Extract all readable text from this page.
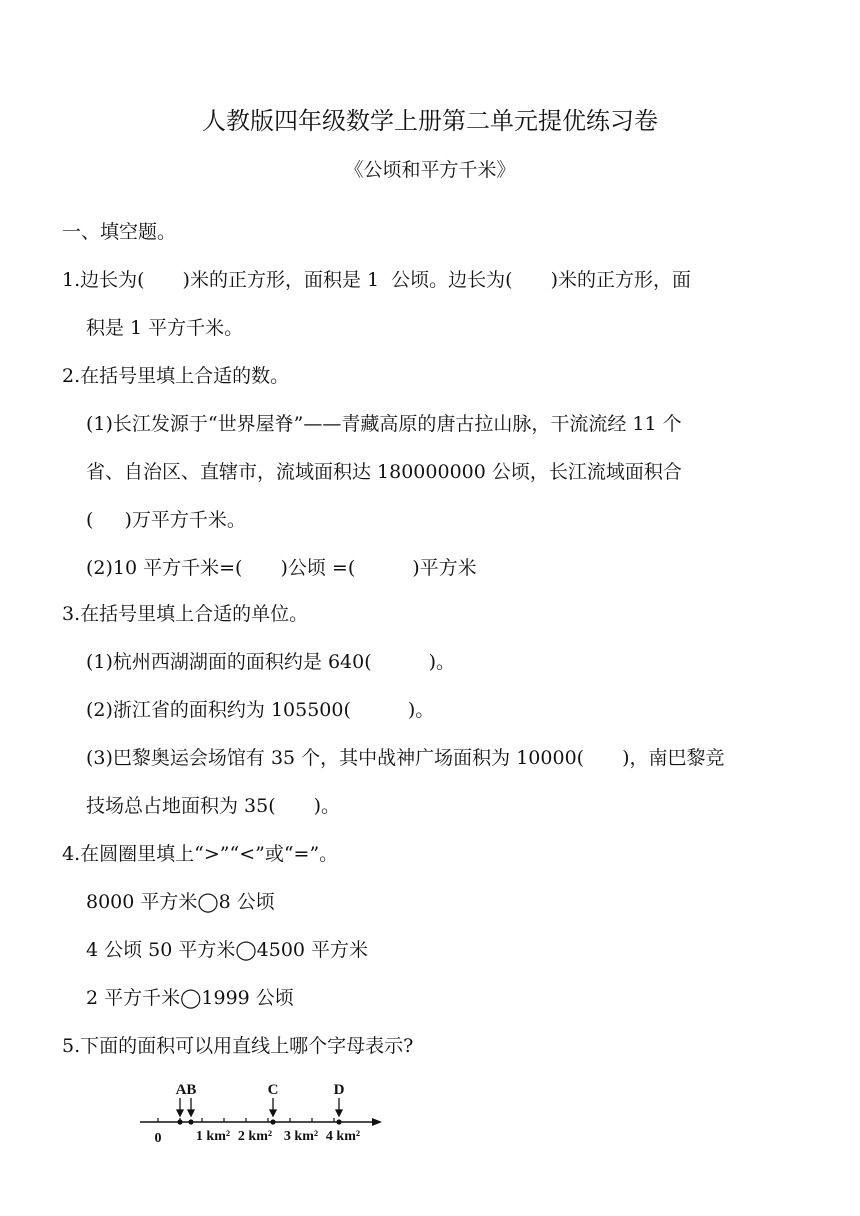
人教版四年级数学上册第二单元提优练习卷
《公顷和平方千米》
一、填空题。
1.边长为(　　)米的正方形，面积是 1  公顷。边长为(　　)米的正方形，面
积是 1 平方千米。
2.在括号里填上合适的数。
(1)长江发源于“世界屋脊”——青藏高原的唐古拉山脉，干流流经 11 个
省、自治区、直辖市，流域面积达 180000000 公顷，长江流域面积合
(　  )万平方千米。
(2)10 平方千米=(　　)公顷 =(　　　)平方米
3.在括号里填上合适的单位。
(1)杭州西湖湖面的面积约是 640(　　　)。
(2)浙江省的面积约为 105500(　　　)。
(3)巴黎奥运会场馆有 35 个，其中战神广场面积为 10000(　　)，南巴黎竞
技场总占地面积为 35(　　)。
4.在圆圈里填上“>”“<”或“=”。
8000 平方米◯8 公顷
4 公顷 50 平方米◯4500 平方米
2 平方千米◯1999 公顷
5.下面的面积可以用直线上哪个字母表示?
AB	C	D
0 1 km² 2 km² 3 km² 4 km²
